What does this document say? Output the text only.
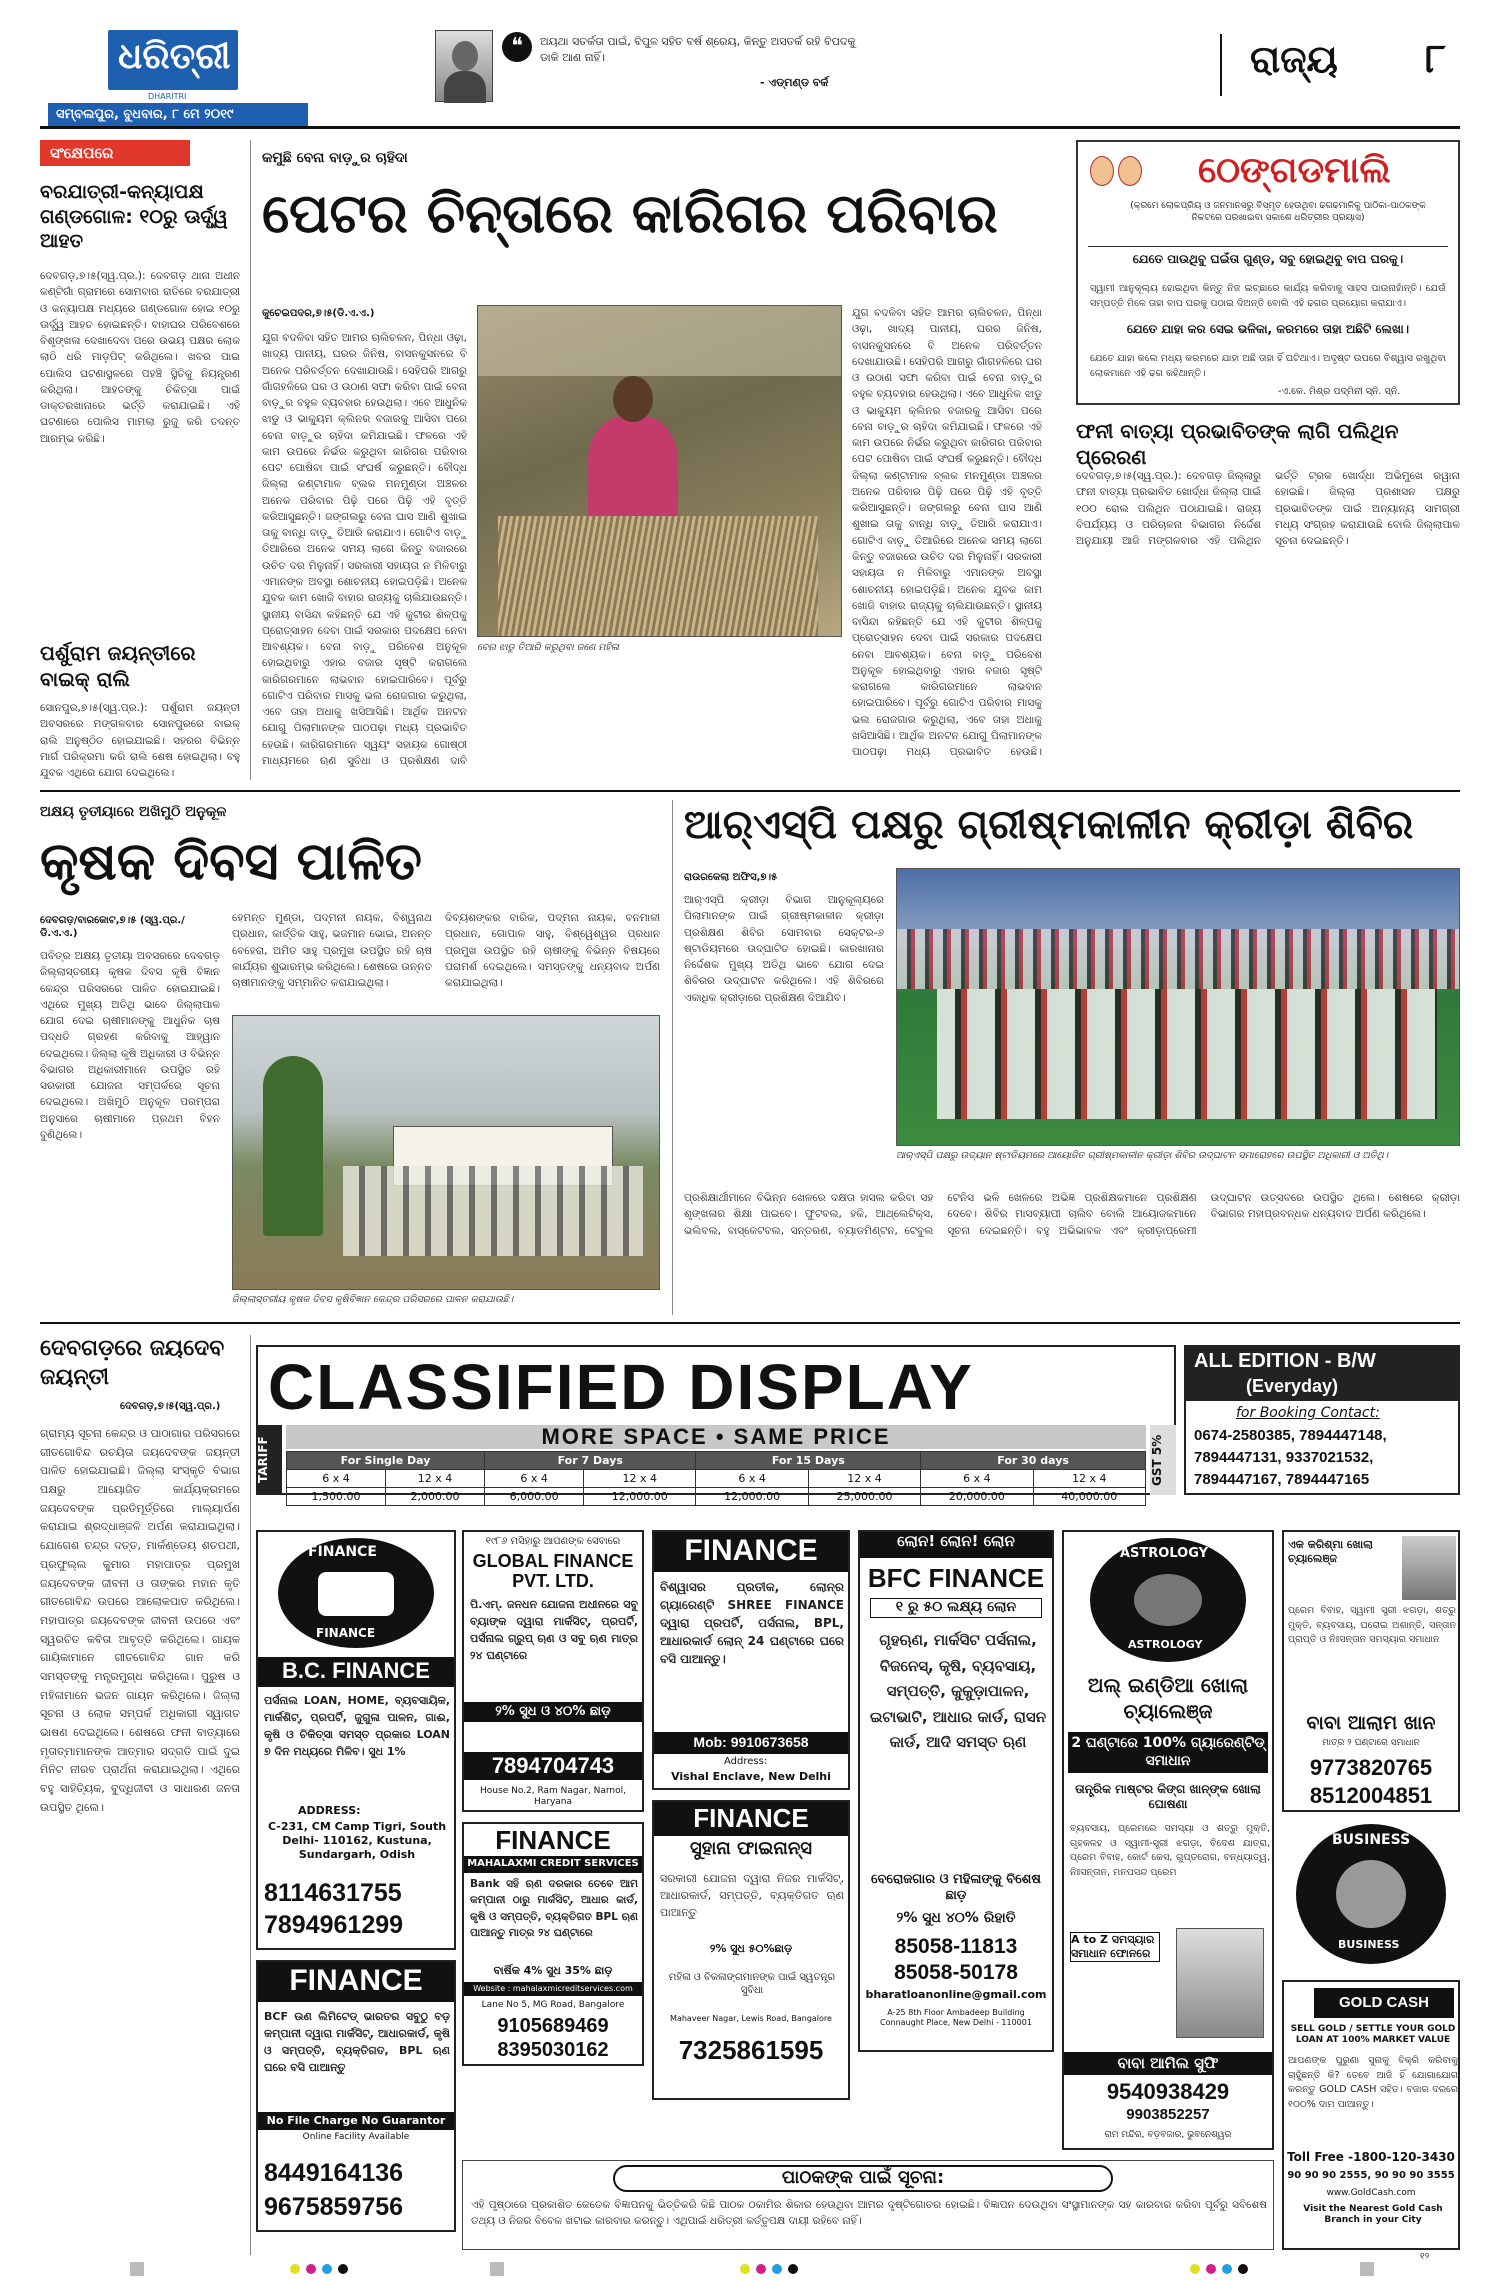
ଧରିତ୍ରୀ
DHARITRI
ସମ୍ବଲପୁର, ବୁଧବାର, ୮ ମେ ୨୦୧୯
❝	ଅୟଥା ସତର୍କତା ପାଇଁ, ବିପୁଳ ସହିତ ବର୍ଷ ଶ୍ରେୟ, କିନ୍ତୁ ଅସତର୍କ ରହି ବିପଦକୁ ଡାକି ଆଣ ନାହିଁ।
- ଏଡ୍ମଣ୍ଡ ବର୍କ
ରାଜ୍ୟ ୮
ସଂକ୍ଷେପରେ
ବରଯାତ୍ରୀ-କନ୍ୟାପକ୍ଷ ଗଣ୍ଡଗୋଳ: ୧୦ରୁ ଊର୍ଦ୍ଧ୍ୱ ଆହତ
ଦେବଗଡ଼,୭।୫(ସ୍ୱ.ପ୍ର.): ଦେବଗଡ଼ ଥାନା ଅଧୀନ କଣ୍ଟିଗାଁ ଗ୍ରାମରେ ସୋମବାର ରାତିରେ ବରଯାତ୍ରୀ ଓ କନ୍ୟାପକ୍ଷ ମଧ୍ୟରେ ଗଣ୍ଡଗୋଳ ହୋଇ ୧୦ରୁ ଊର୍ଦ୍ଧ୍ୱ ଆହତ ହୋଇଛନ୍ତି। ବାହାଘର ପରିବେଶରେ ବିଶୃଙ୍ଖଳା ଦେଖାଦେବା ପରେ ଉଭୟ ପକ୍ଷର ଲୋକ ଲାଠି ଧରି ମାଡ଼ପିଟ୍ କରିଥିଲେ। ଖବର ପାଇ ପୋଲିସ ଘଟଣାସ୍ଥଳରେ ପହଞ୍ଚି ସ୍ଥିତିକୁ ନିୟନ୍ତ୍ରଣ କରିଥିଲା। ଆହତଙ୍କୁ ଚିକିତ୍ସା ପାଇଁ ଡାକ୍ତରଖାନାରେ ଭର୍ତ୍ତି କରାଯାଇଛି। ଏହି ଘଟଣାରେ ପୋଲିସ ମାମଲା ରୁଜୁ କରି ତଦନ୍ତ ଆରମ୍ଭ କରିଛି।
ପର୍ଶୁରାମ ଜୟନ୍ତୀରେ ବାଇକ୍ ରାଲି
ସୋନପୁର,୭।୫(ସ୍ୱ.ପ୍ର.): ପର୍ଶୁରାମ ଜୟନ୍ତୀ ଅବସରରେ ମଙ୍ଗଳବାର ସୋନପୁରରେ ବାଇକ୍ ରାଲି ଅନୁଷ୍ଠିତ ହୋଇଯାଇଛି। ସହରର ବିଭିନ୍ନ ମାର୍ଗ ପରିକ୍ରମା କରି ରାଲି ଶେଷ ହୋଇଥିଲା। ବହୁ ଯୁବକ ଏଥିରେ ଯୋଗ ଦେଇଥିଲେ।
କମୁଛି ବେନା ବାଡ଼ୁର ଚାହିଦା
ପେଟର ଚିନ୍ତାରେ କାରିଗର ପରିବାର
କୁଚେଇପଦର,୭।୫(ଡି.ଏ.ଏ.)
ବେନା ଝାଡୁ ତିଆରି କରୁଥିବା ଜଣେ ମହିଳା
ଯୁଗ ବଦଳିବା ସହିତ ଆମର ଚାଲିଚଳନ, ପିନ୍ଧା ଓଢ଼ା, ଖାଦ୍ୟ ପାନୀୟ, ଘରର ଜିନିଷ, ବାସନକୁସନରେ ବି ଅନେକ ପରିବର୍ତ୍ତନ ଦେଖାଯାଉଛି। ସେହିପରି ଆଗରୁ ଗାଁଗହଳିରେ ଘର ଓ ଉଠାଣ ସଫା କରିବା ପାଇଁ ବେନା ବାଡ଼ୁର ବହୁଳ ବ୍ୟବହାର ହେଉଥିଲା। ଏବେ ଆଧୁନିକ ଝାଡୁ ଓ ଭାକ୍ୟୁମ କ୍ଲିନର ବଜାରକୁ ଆସିବା ପରେ ବେନା ବାଡ଼ୁର ଚାହିଦା କମିଯାଇଛି। ଫଳରେ ଏହି କାମ ଉପରେ ନିର୍ଭର କରୁଥିବା କାରିଗର ପରିବାର ପେଟ ପୋଷିବା ପାଇଁ ସଂଘର୍ଷ କରୁଛନ୍ତି। ବୌଦ୍ଧ ଜିଲ୍ଲା କଣ୍ଟାମାଳ ବ୍ଲକ ମନମୁଣ୍ଡା ଅଞ୍ଚଳର ଅନେକ ପରିବାର ପିଢ଼ି ପରେ ପିଢ଼ି ଏହି ବୃତ୍ତି କରିଆସୁଛନ୍ତି। ଜଙ୍ଗଲରୁ ବେନା ଘାସ ଆଣି ଶୁଖାଇ ତାକୁ ବାନ୍ଧି ବାଡ଼ୁ ତିଆରି କରାଯାଏ। ଗୋଟିଏ ବାଡ଼ୁ ତିଆରିରେ ଅନେକ ସମୟ ଲାଗେ କିନ୍ତୁ ବଜାରରେ ଉଚିତ ଦର ମିଳୁନାହିଁ। ସରକାରୀ ସହାୟତା ନ ମିଳିବାରୁ ଏମାନଙ୍କ ଅବସ୍ଥା ଶୋଚନୀୟ ହୋଇପଡ଼ିଛି। ଅନେକ ଯୁବକ କାମ ଖୋଜି ବାହାର ରାଜ୍ୟକୁ ଚାଲିଯାଉଛନ୍ତି। ସ୍ଥାନୀୟ ବାସିନ୍ଦା କହିଛନ୍ତି ଯେ ଏହି କୁଟୀର ଶିଳ୍ପକୁ ପ୍ରୋତ୍ସାହନ ଦେବା ପାଇଁ ସରକାର ପଦକ୍ଷେପ ନେବା ଆବଶ୍ୟକ। ବେନା ବାଡ଼ୁ ପରିବେଶ ଅନୁକୂଳ ହୋଇଥିବାରୁ ଏହାର ବଜାର ସୃଷ୍ଟି କରାଗଲେ କାରିଗରମାନେ ଲାଭବାନ ହୋଇପାରିବେ। ପୂର୍ବରୁ ଗୋଟିଏ ପରିବାର ମାସକୁ ଭଲ ରୋଜଗାର କରୁଥିଲା, ଏବେ ତାହା ଅଧାକୁ ଖସିଆସିଛି। ଆର୍ଥିକ ଅନଟନ ଯୋଗୁ ପିଲାମାନଙ୍କ ପାଠପଢ଼ା ମଧ୍ୟ ପ୍ରଭାବିତ ହେଉଛି। କାରିଗରମାନେ ସ୍ୱୟଂ ସହାୟକ ଗୋଷ୍ଠୀ ମାଧ୍ୟମରେ ଋଣ ସୁବିଧା ଓ ପ୍ରଶିକ୍ଷଣ ଦାବି
ଯୁଗ ବଦଳିବା ସହିତ ଆମର ଚାଲିଚଳନ, ପିନ୍ଧା ଓଢ଼ା, ଖାଦ୍ୟ ପାନୀୟ, ଘରର ଜିନିଷ, ବାସନକୁସନରେ ବି ଅନେକ ପରିବର୍ତ୍ତନ ଦେଖାଯାଉଛି। ସେହିପରି ଆଗରୁ ଗାଁଗହଳିରେ ଘର ଓ ଉଠାଣ ସଫା କରିବା ପାଇଁ ବେନା ବାଡ଼ୁର ବହୁଳ ବ୍ୟବହାର ହେଉଥିଲା। ଏବେ ଆଧୁନିକ ଝାଡୁ ଓ ଭାକ୍ୟୁମ କ୍ଲିନର ବଜାରକୁ ଆସିବା ପରେ ବେନା ବାଡ଼ୁର ଚାହିଦା କମିଯାଇଛି। ଫଳରେ ଏହି କାମ ଉପରେ ନିର୍ଭର କରୁଥିବା କାରିଗର ପରିବାର ପେଟ ପୋଷିବା ପାଇଁ ସଂଘର୍ଷ କରୁଛନ୍ତି। ବୌଦ୍ଧ ଜିଲ୍ଲା କଣ୍ଟାମାଳ ବ୍ଲକ ମନମୁଣ୍ଡା ଅଞ୍ଚଳର ଅନେକ ପରିବାର ପିଢ଼ି ପରେ ପିଢ଼ି ଏହି ବୃତ୍ତି କରିଆସୁଛନ୍ତି। ଜଙ୍ଗଲରୁ ବେନା ଘାସ ଆଣି ଶୁଖାଇ ତାକୁ ବାନ୍ଧି ବାଡ଼ୁ ତିଆରି କରାଯାଏ। ଗୋଟିଏ ବାଡ଼ୁ ତିଆରିରେ ଅନେକ ସମୟ ଲାଗେ କିନ୍ତୁ ବଜାରରେ ଉଚିତ ଦର ମିଳୁନାହିଁ। ସରକାରୀ ସହାୟତା ନ ମିଳିବାରୁ ଏମାନଙ୍କ ଅବସ୍ଥା ଶୋଚନୀୟ ହୋଇପଡ଼ିଛି। ଅନେକ ଯୁବକ କାମ ଖୋଜି ବାହାର ରାଜ୍ୟକୁ ଚାଲିଯାଉଛନ୍ତି। ସ୍ଥାନୀୟ ବାସିନ୍ଦା କହିଛନ୍ତି ଯେ ଏହି କୁଟୀର ଶିଳ୍ପକୁ ପ୍ରୋତ୍ସାହନ ଦେବା ପାଇଁ ସରକାର ପଦକ୍ଷେପ ନେବା ଆବଶ୍ୟକ। ବେନା ବାଡ଼ୁ ପରିବେଶ ଅନୁକୂଳ ହୋଇଥିବାରୁ ଏହାର ବଜାର ସୃଷ୍ଟି କରାଗଲେ କାରିଗରମାନେ ଲାଭବାନ ହୋଇପାରିବେ। ପୂର୍ବରୁ ଗୋଟିଏ ପରିବାର ମାସକୁ ଭଲ ରୋଜଗାର କରୁଥିଲା, ଏବେ ତାହା ଅଧାକୁ ଖସିଆସିଛି। ଆର୍ଥିକ ଅନଟନ ଯୋଗୁ ପିଲାମାନଙ୍କ ପାଠପଢ଼ା ମଧ୍ୟ ପ୍ରଭାବିତ ହେଉଛି।
ଠେଙ୍ଗଡମାଲି
(କ୍ରମେ ଲୋକପ୍ରିୟ ଓ ଜନମାନସରୁ ବିସ୍ମୃତ ହେଉଥିବା ଢଗଢମାଳିକୁ ପାଠିକା-ପାଠକଙ୍କ ନିକଟରେ ପରଖାଇବା ସକାଶେ ଧରିତ୍ରୀର ପ୍ରୟାସ)
ଯେତେ ପାଉଥିବୁ ଘଇଁତା ଗୁଣ୍ଡ, ସବୁ ହୋଇଥିବୁ ବାପ ଘରକୁ।
ସ୍ୱାମୀ ଆନୁକୂଲ୍ୟ ହୋଇଥିବା କିନ୍ତୁ ନିଜ ଇଚ୍ଛାରେ କାର୍ଯ୍ୟ କରିବାକୁ ସାହସ ପାଉନାହାଁନ୍ତି। ଯେଉଁ ସମ୍ପତ୍ତି ମିଳେ ତାହା ବାପ ଘରକୁ ପଠାଇ ଦିଅନ୍ତି ବୋଲି ଏହି ଢଗର ପ୍ରୟୋଗ କରାଯାଏ।
ଯେତେ ଯାହା କର ସେଇ ଭଳିକା, କରମରେ ତାହା ଅଛିଟି ଲେଖା।
ଯେତେ ଯାହା କଲେ ମଧ୍ୟ କରମରେ ଯାହା ଅଛି ତାହା ହିଁ ଘଟିଥାଏ। ଅଦୃଷ୍ଟ ଉପରେ ବିଶ୍ୱାସ ରଖୁଥିବା ଲୋକମାନେ ଏହି ଢଗ କହିଥାନ୍ତି।
-ଏ.କେ. ମିଶ୍ର ପଦ୍ମିନୀ ସ୍ନି. ସ୍ନି.
ଫନୀ ବାତ୍ୟା ପ୍ରଭାବିତଙ୍କ ଲାଗି ପଲିଥିନ ପ୍ରେରଣ
ଦେବଗଡ଼,୭।୫(ସ୍ୱ.ପ୍ର.): ଦେବଗଡ଼ ଜିଲ୍ଲାରୁ ଫନୀ ବାତ୍ୟା ପ୍ରଭାବିତ ଖୋର୍ଦ୍ଧା ଜିଲ୍ଲା ପାଇଁ ୧୦୦ ରୋଲ ପଲିଥିନ ପଠାଯାଇଛି। ରାଜ୍ୟ ବିପର୍ଯ୍ୟୟ ଓ ପରିଚାଳନା ବିଭାଗର ନିର୍ଦ୍ଦେଶ ଅନୁଯାୟୀ ଆଜି ମଙ୍ଗଳବାର ଏହି ପଲିଥିନ ଭର୍ତ୍ତି ଟ୍ରକ ଖୋର୍ଦ୍ଧା ଅଭିମୁଖେ ରୱାନା ହୋଇଛି। ଜିଲ୍ଲା ପ୍ରଶାସନ ପକ୍ଷରୁ ପ୍ରଭାବିତଙ୍କ ପାଇଁ ଅନ୍ୟାନ୍ୟ ସାମଗ୍ରୀ ମଧ୍ୟ ସଂଗ୍ରହ କରାଯାଉଛି ବୋଲି ଜିଲ୍ଲାପାଳ ସୂଚନା ଦେଇଛନ୍ତି।
ଅକ୍ଷୟ ତୃତୀୟାରେ ଅଖିମୁଠି ଅନୁକୂଳ
କୃଷକ ଦିବସ ପାଳିତ
ଦେବଗଡ଼/ବାରକୋଟ,୭।୫ (ସ୍ୱ.ପ୍ର./ଡି.ଏ.ଏ.)
ପବିତ୍ର ଅକ୍ଷୟ ତୃତୀୟା ଅବସରରେ ଦେବଗଡ଼ ଜିଲ୍ଲାସ୍ତରୀୟ କୃଷକ ଦିବସ କୃଷି ବିଜ୍ଞାନ କେନ୍ଦ୍ର ପରିସରରେ ପାଳିତ ହୋଇଯାଇଛି। ଏଥିରେ ମୁଖ୍ୟ ଅତିଥି ଭାବେ ଜିଲ୍ଲାପାଳ ଯୋଗ ଦେଇ ଚାଷୀମାନଙ୍କୁ ଆଧୁନିକ ଚାଷ ପଦ୍ଧତି ଗ୍ରହଣ କରିବାକୁ ଆହ୍ୱାନ ଦେଇଥିଲେ। ଜିଲ୍ଲା କୃଷି ଅଧିକାରୀ ଓ ବିଭିନ୍ନ ବିଭାଗର ଅଧିକାରୀମାନେ ଉପସ୍ଥିତ ରହି ସରକାରୀ ଯୋଜନା ସମ୍ପର୍କରେ ସୂଚନା ଦେଇଥିଲେ। ଅଖିମୁଠି ଅନୁକୂଳ ପରମ୍ପରା ଅନୁସାରେ ଚାଷୀମାନେ ପ୍ରଥମ ବିହନ ବୁଣିଥିଲେ।
ହେମନ୍ତ ମୁଣ୍ଡା, ପଦ୍ମନୀ ନାୟକ, ବିଶ୍ୱନାଥ ପ୍ରଧାନ, କାର୍ତ୍ତିକ ସାହୁ, ଭଜମାନ ଭୋଇ, ଅନନ୍ତ ବେହେରା, ଅମିତ ସାହୁ ପ୍ରମୁଖ ଉପସ୍ଥିତ ରହି ଚାଷ କାର୍ଯ୍ୟର ଶୁଭାରମ୍ଭ କରିଥିଲେ। ଶେଷରେ ଉନ୍ନତ ଚାଷୀମାନଙ୍କୁ ସମ୍ମାନିତ କରାଯାଇଥିଲା।
ଦିବ୍ୟଶଙ୍କର ବାରିକ, ପଦ୍ମନା ନାୟକ, ବନମାଳୀ ପ୍ରଧାନ, ଗୋପାଳ ସାହୁ, ବିଶ୍ୱେଶ୍ୱର ପ୍ରଧାନ ପ୍ରମୁଖ ଉପସ୍ଥିତ ରହି ଚାଷୀଙ୍କୁ ବିଭିନ୍ନ ବିଷୟରେ ପରାମର୍ଶ ଦେଇଥିଲେ। ସମସ୍ତଙ୍କୁ ଧନ୍ୟବାଦ ଅର୍ପଣ କରାଯାଇଥିଲା।
ଜିଲ୍ଲାସ୍ତରୀୟ କୃଷକ ଦିବସ କୃଷିବିଜ୍ଞାନ କେନ୍ଦ୍ର ପରିସରରେ ପାଳନ କରାଯାଉଛି।
ଆର୍‌ଏସ୍‌ପି ପକ୍ଷରୁ ଗ୍ରୀଷ୍ମକାଳୀନ କ୍ରୀଡ଼ା ଶିବିର
ରାଉରକେଲା ଅଫିସ,୭।୫
ଆର୍‌ଏସ୍‌ପି କ୍ରୀଡ଼ା ବିଭାଗ ଆନୁକୂଲ୍ୟରେ ପିଲାମାନଙ୍କ ପାଇଁ ଗ୍ରୀଷ୍ମକାଳୀନ କ୍ରୀଡ଼ା ପ୍ରଶିକ୍ଷଣ ଶିବିର ସୋମବାର ସେକ୍ଟର-୬ ଷ୍ଟାଡିୟମରେ ଉଦ୍‌ଘାଟିତ ହୋଇଛି। କାରଖାନାର ନିର୍ଦ୍ଦେଶକ ମୁଖ୍ୟ ଅତିଥି ଭାବେ ଯୋଗ ଦେଇ ଶିବିରର ଉଦ୍‌ଘାଟନ କରିଥିଲେ। ଏହି ଶିବିରରେ ଏକାଧିକ କ୍ରୀଡ଼ାରେ ପ୍ରଶିକ୍ଷଣ ଦିଆଯିବ।
ଆର୍‌ଏସ୍‌ପି ପକ୍ଷରୁ ଉଦ୍ୟାନ ଷ୍ଟାଡିୟମରେ ଆୟୋଜିତ ଗ୍ରୀଷ୍ମକାଳୀନ କ୍ରୀଡ଼ା ଶିବିର ଉଦ୍‌ଘାଟନ ସମାରୋହରେ ଉପସ୍ଥିତ ଅଧିକାରୀ ଓ ଅତିଥି।
ପ୍ରଶିକ୍ଷାର୍ଥୀମାନେ ବିଭିନ୍ନ ଖେଳରେ ଦକ୍ଷତା ହାସଲ କରିବା ସହ ଶୃଙ୍ଖଳାର ଶିକ୍ଷା ପାଇବେ। ଫୁଟବଲ, ହକି, ଆଥ୍‌ଲେଟିକ୍ସ, ଭଲିବଲ, ବାସ୍କେଟବଲ, ସନ୍ତରଣ, ବ୍ୟାଡମିଣ୍ଟନ, ଟେବୁଲ ଟେନିସ ଭଳି ଖେଳରେ ଅଭିଜ୍ଞ ପ୍ରଶିକ୍ଷକମାନେ ପ୍ରଶିକ୍ଷଣ ଦେବେ। ଶିବିର ମାସବ୍ୟାପୀ ଚାଲିବ ବୋଲି ଆୟୋଜକମାନେ ସୂଚନା ଦେଇଛନ୍ତି। ବହୁ ଅଭିଭାବକ ଏବଂ କ୍ରୀଡ଼ାପ୍ରେମୀ ଉଦ୍‌ଘାଟନ ଉତ୍ସବରେ ଉପସ୍ଥିତ ଥିଲେ। ଶେଷରେ କ୍ରୀଡ଼ା ବିଭାଗର ମହାପ୍ରବନ୍ଧକ ଧନ୍ୟବାଦ ଅର୍ପଣ କରିଥିଲେ।
ଦେବଗଡ଼ରେ ଜୟଦେବ ଜୟନ୍ତୀ
ଦେବଗଡ଼,୭।୫(ସ୍ୱ.ପ୍ର.)
ଗ୍ରାମ୍ୟ ସୂଚନା କେନ୍ଦ୍ର ଓ ପାଠାଗାର ପରିସରରେ ଗୀତଗୋବିନ୍ଦ ରଚୟିତା ଜୟଦେବଙ୍କ ଜୟନ୍ତୀ ପାଳିତ ହୋଇଯାଇଛି। ଜିଲ୍ଲା ସଂସ୍କୃତି ବିଭାଗ ପକ୍ଷରୁ ଆୟୋଜିତ କାର୍ଯ୍ୟକ୍ରମରେ ଜୟଦେବଙ୍କ ପ୍ରତିମୂର୍ତ୍ତିରେ ମାଲ୍ୟାର୍ପଣ କରାଯାଇ ଶ୍ରଦ୍ଧାଞ୍ଜଳି ଅର୍ପଣ କରାଯାଇଥିଲା। ଯୋଗେଶ ଚନ୍ଦ୍ର ଦତ୍ତ, ମାର୍କଣ୍ଡେୟ ଶତପଥୀ, ପ୍ରଫୁଲ୍ଲ କୁମାର ମହାପାତ୍ର ପ୍ରମୁଖ ଜୟଦେବଙ୍କ ଜୀବନୀ ଓ ତାଙ୍କର ମହାନ କୃତି ଗୀତଗୋବିନ୍ଦ ଉପରେ ଆଲୋକପାତ କରିଥିଲେ। ମହାପାତ୍ର ଜୟଦେବଙ୍କ ଜୀବନୀ ଉପରେ ଏବଂ ସ୍ୱରଚିତ କବିତା ଆବୃତ୍ତି କରିଥିଲେ। ଗାୟକ ଗାୟିକାମାନେ ଗୀତଗୋବିନ୍ଦ ଗାନ କରି ସମସ୍ତଙ୍କୁ ମନ୍ତ୍ରମୁଗ୍ଧ କରିଥିଲେ। ପୁରୁଷ ଓ ମହିଳାମାନେ ଭଜନ ଗାୟନ କରିଥିଲେ। ଜିଲ୍ଲା ସୂଚନା ଓ ଲୋକ ସମ୍ପର୍କ ଅଧିକାରୀ ସ୍ୱାଗତ ଭାଷଣ ଦେଇଥିଲେ। ଶେଷରେ ଫନୀ ବାତ୍ୟାରେ ମୃତାତ୍ମାମାନଙ୍କ ଆତ୍ମାର ସଦ୍‌ଗତି ପାଇଁ ଦୁଇ ମିନିଟ ନୀରବ ପ୍ରାର୍ଥନା କରାଯାଇଥିଲା। ଏଥିରେ ବହୁ ସାହିତ୍ୟିକ, ବୁଦ୍ଧିଜୀବୀ ଓ ସାଧାରଣ ଜନତା ଉପସ୍ଥିତ ଥିଲେ।
CLASSIFIED DISPLAY
TARIFF	GST 5%
MORE SPACE • SAME PRICE
For Single Day		For 7 Days		For 15 Days		For 30 days	
6 x 4	12 x 4	6 x 4	12 x 4	6 x 4	12 x 4	6 x 4	12 x 4
1,500.00	2,000.00	6,000.00	12,000.00	12,000.00	25,000.00	20,000.00	40,000.00
ALL EDITION - B/W
(Everyday)
for Booking Contact:
0674-2580385, 7894447148, 7894447131, 9337021532, 7894447167, 7894447165
FINANCE
FINANCE
B.C. FINANCE
ପର୍ସନାଲ LOAN, HOME, ବ୍ୟବସାୟିକ, ମାର୍କଶିଟ୍, ପ୍ରପର୍ଟି, ଜୁଗୁଳା ପାଳନ, ଗାଈ, କୃଷି ଓ ଚିକିତ୍ସା ସମସ୍ତ ପ୍ରକାର LOAN ୭ ଦିନ ମଧ୍ୟରେ ମିଳିବ। ସୁଧ 1%
ADDRESS:
C-231, CM Camp Tigri, South Delhi- 110162, Kustuna, Sundargarh, Odish
8114631755
7894961299
FINANCE
BCF ଉଣ ଲିମିଟେଡ୍ ଭାରତର ସବୁଠୁ ବଡ଼ କମ୍ପାନୀ ଦ୍ୱାରା ମାର୍କସିଟ୍, ଆଧାରକାର୍ଡ, କୃଷି ଓ ସମ୍ପତ୍ତି, ବ୍ୟକ୍ତିଗତ, BPL ଋଣ ଘରେ ବସି ପାଆନ୍ତୁ
No File Charge No Guarantor
Online Facility Available
8449164136
9675859756
୧୯୮୬ ମସିହାରୁ ଆପଣଙ୍କ ସେବାରେ
GLOBAL FINANCE PVT. LTD.
ପି.ଏମ୍. ଜନଧନ ଯୋଜନା ଅଧୀନରେ ସବୁ ବ୍ୟାଙ୍କ ଦ୍ୱାରା ମାର୍କସିଟ୍, ପ୍ରପର୍ଟି, ପର୍ସନାଲ ଗ୍ରୁପ୍ ଋଣ ଓ ସବୁ ଋଣ ମାତ୍ର ୨୪ ଘଣ୍ଟାରେ
୨% ସୁଧ ଓ ୪୦% ଛାଡ଼
7894704743
House No.2, Ram Nagar, Narnol, Haryana
FINANCE
MAHALAXMI CREDIT SERVICES
Bank ସହି ଋଣ ଦରକାର ତେବେ ଆମ କମ୍ପାନୀ ଠାରୁ ମାର୍କସିଟ୍, ଆଧାର କାର୍ଡ, କୃଷି ଓ ସମ୍ପତ୍ତି, ବ୍ୟକ୍ତିଗତ BPL ଋଣ ପାଆନ୍ତୁ ମାତ୍ର ୨୪ ଘଣ୍ଟାରେ
ବାର୍ଷିକ 4% ସୁଧ 35% ଛାଡ଼
Website : mahalaxmicreditservices.com
Lane No 5, MG Road, Bangalore
9105689469
8395030162
FINANCE
ବିଶ୍ୱାସର ପ୍ରତୀକ, ଲୋନ୍‌ର ଗ୍ୟାରେଣ୍ଟି SHREE FINANCE ଦ୍ୱାରା ପ୍ରପର୍ଟି, ପର୍ସନାଲ, BPL, ଆଧାରକାର୍ଡ ଲୋନ୍ 24 ଘଣ୍ଟାରେ ଘରେ ବସି ପାଆନ୍ତୁ।
Mob: 9910673658
Address:
Vishal Enclave, New Delhi
FINANCE
ସୁହାନା ଫାଇନାନ୍ସ
ସରକାରୀ ଯୋଜନା ଦ୍ୱାରା ନିଜର ମାର୍କସିଟ୍, ଆଧାରକାର୍ଡ, ସମ୍ପତ୍ତି, ବ୍ୟକ୍ତିଗତ ଋଣ ପାଆନ୍ତୁ
୨% ସୁଧ ୫୦%ଛାଡ଼
ମହିଳା ଓ ବିକଳାଙ୍ଗମାନଙ୍କ ପାଇଁ ସ୍ୱତନ୍ତ୍ର ସୁବିଧା
Mahaveer Nagar, Lewis Road, Bangalore
7325861595
ଲୋନ! ଲୋନ! ଲୋନ
BFC FINANCE
୧ ରୁ ୫୦ ଲକ୍ଷ୍ୟ ଲୋନ
ଗୃହଋଣ, ମାର୍କସିଟ ପର୍ସନାଲ, ବିଜନେସ୍, କୃଷି, ବ୍ୟବସାୟ, ସମ୍ପତ୍ତି, କୁକୁଡ଼ାପାଳନ, ଇଟାଭାଟି, ଆଧାର କାର୍ଡ, ରାସନ କାର୍ଡ, ଆଦି ସମସ୍ତ ଋଣ
ବେରୋଜଗାର ଓ ମହିଳାଙ୍କୁ ବିଶେଷ ଛାଡ଼
୨% ସୁଧ ୪୦% ରିହାତି
85058-11813
85058-50178
bharatloanonline@gmail.com
A-25 8th Floor Ambadeep Building Connaught Place, New Delhi - 110001
ASTROLOGY
ASTROLOGY
ଅଲ୍ ଇଣ୍ଡିଆ ଖୋଲା ଚ୍ୟାଲେଞ୍ଜ
2 ଘଣ୍ଟାରେ 100% ଗ୍ୟାରେଣ୍ଟିଡ୍ ସମାଧାନ
ତାନ୍ତ୍ରିକ ମାଷ୍ଟର କିଙ୍ଗ ଖାନ୍‌ଙ୍କ ଖୋଲା ଘୋଷଣା
ବ୍ୟବସାୟ, ପ୍ରେମରେ ସମସ୍ୟା ଓ ଶତ୍ରୁ ମୁକ୍ତି, ଗୃହକଳହ ଓ ସ୍ୱାମୀ-ସ୍ତ୍ରୀ ଝଗଡ଼ା, ବିଦେଶ ଯାତ୍ରା, ପ୍ରେମ ବିବାହ, କୋର୍ଟ କେସ, ଗୁପ୍ତରୋଗ, ବନ୍ଧ୍ୟାତ୍ୱ, ନିଃସନ୍ତାନ, ମନପସନ୍ଦ ପ୍ରେମ
A to Z ସମସ୍ୟାର ସମାଧାନ ଫୋନରେ
ବାବା ଆମିଲ ସୁଫି
9540938429
9903852257
ରାମ ମନ୍ଦିର, ବଡ଼ବଜାର, ଭୁବନେଶ୍ୱର
ଏକ କରିଶ୍ମା ଖୋଲା ଚ୍ୟାଲେଞ୍ଜ
ପ୍ରେମ ବିବାହ, ସ୍ୱାମୀ ସ୍ତ୍ରୀ ଝଗଡ଼ା, ଶତ୍ରୁ ମୁକ୍ତି, ବ୍ୟବସାୟ, ଘରୋଇ ଅଶାନ୍ତି, ସନ୍ତାନ ପ୍ରାପ୍ତି ଓ ନିଃସନ୍ତାନ ସମସ୍ୟାର ସମାଧାନ
ବାବା ଆଲାମ ଖାନ
ମାତ୍ର ୨ ଘଣ୍ଟାରେ ସମାଧାନ
9773820765
8512004851
BUSINESS
BUSINESS
GOLD CASH
SELL GOLD / SETTLE YOUR GOLD LOAN AT 100% MARKET VALUE
ଆପଣଙ୍କ ପୁରୁଣା ସୁନାକୁ ବିକ୍ରି କରିବାକୁ ଚାହୁଁଛନ୍ତି କି? ତେବେ ଆଜି ହିଁ ଯୋଗାଯୋଗ କରନ୍ତୁ GOLD CASH ସହିତ। ବଜାର ଦରରେ ୧୦୦% ଦାମ ପାଆନ୍ତୁ।
Toll Free -1800-120-3430
90 90 90 2555, 90 90 90 3555
www.GoldCash.com
Visit the Nearest Gold Cash Branch in your City
ପାଠକଙ୍କ ପାଇଁ ସୂଚନା:
ଏହି ପୃଷ୍ଠାରେ ପ୍ରକାଶିତ କେତେକ ବିଜ୍ଞାପନକୁ ଭିତ୍ତିକରି କିଛି ପାଠକ ଠକାମିର ଶିକାର ହେଉଥିବା ଆମର ଦୃଷ୍ଟିଗୋଚର ହୋଇଛି। ବିଜ୍ଞାପନ ଦେଉଥିବା ସଂସ୍ଥାମାନଙ୍କ ସହ କାରବାର କରିବା ପୂର୍ବରୁ ସବିଶେଷ ତଥ୍ୟ ଓ ନିଜର ବିବେକ ଖଟାଇ କାରବାର କରନ୍ତୁ। ଏଥିପାଇଁ ଧରିତ୍ରୀ କର୍ତ୍ତୃପକ୍ଷ ଦାୟୀ ରହିବେ ନାହିଁ।
୧୨
